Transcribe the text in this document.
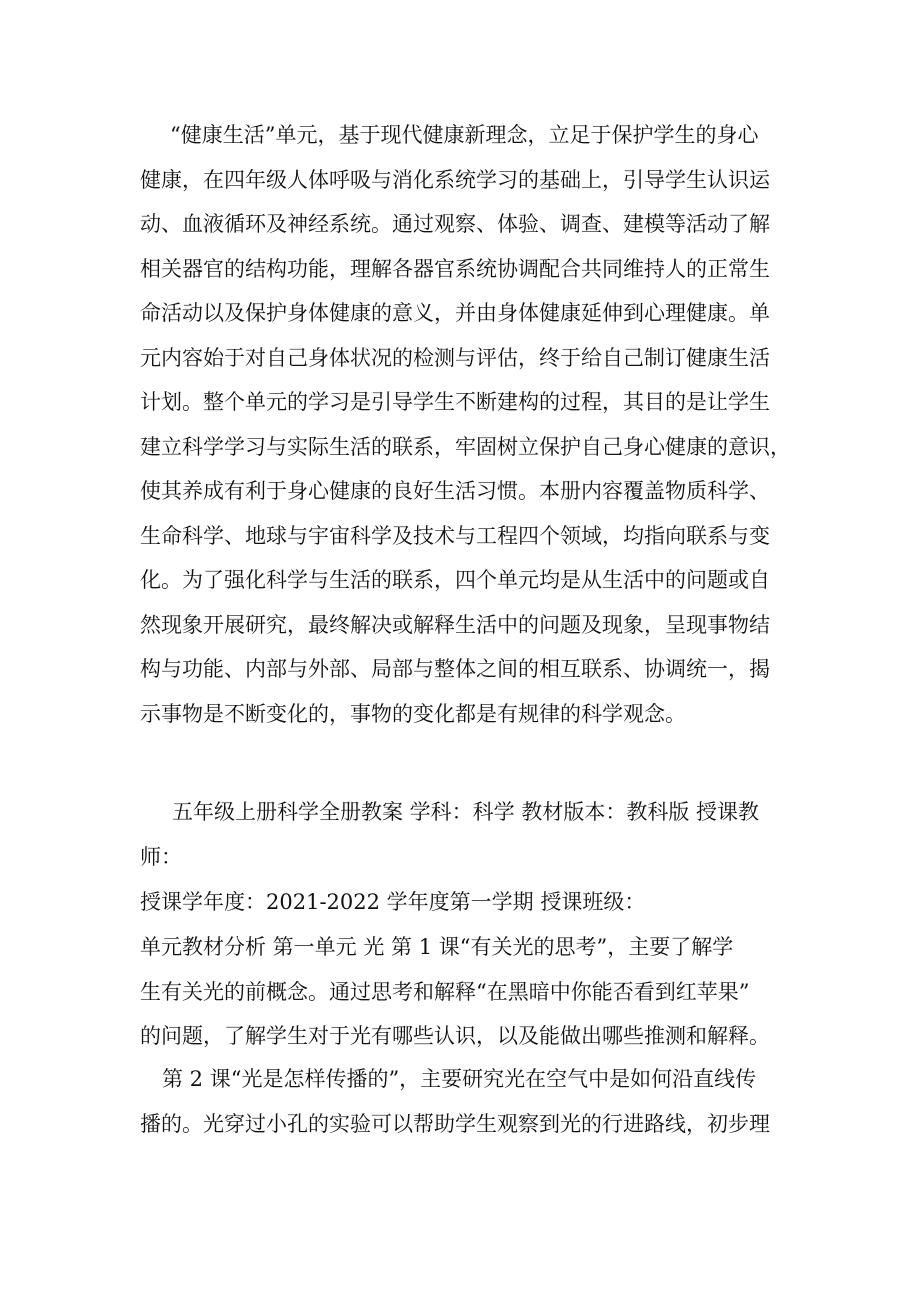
“健康生活”单元，基于现代健康新理念，立足于保护学生的身心
健康，在四年级人体呼吸与消化系统学习的基础上，引导学生认识运
动、血液循环及神经系统。通过观察、体验、调查、建模等活动了解
相关器官的结构功能，理解各器官系统协调配合共同维持人的正常生
命活动以及保护身体健康的意义，并由身体健康延伸到心理健康。单
元内容始于对自己身体状况的检测与评估，终于给自己制订健康生活
计划。整个单元的学习是引导学生不断建构的过程，其目的是让学生
建立科学学习与实际生活的联系，牢固树立保护自己身心健康的意识，
使其养成有利于身心健康的良好生活习惯。本册内容覆盖物质科学、
生命科学、地球与宇宙科学及技术与工程四个领域，均指向联系与变
化。为了强化科学与生活的联系，四个单元均是从生活中的问题或自
然现象开展研究，最终解决或解释生活中的问题及现象，呈现事物结
构与功能、内部与外部、局部与整体之间的相互联系、协调统一，揭
示事物是不断变化的，事物的变化都是有规律的科学观念。
五年级上册科学全册教案 学科：科学 教材版本：教科版 授课教
师：
授课学年度：2021-2022 学年度第一学期 授课班级：
单元教材分析 第一单元 光 第 1 课“有关光的思考”，主要了解学
生有关光的前概念。通过思考和解释“在黑暗中你能否看到红苹果”
的问题，了解学生对于光有哪些认识，以及能做出哪些推测和解释。
第 2 课“光是怎样传播的”，主要研究光在空气中是如何沿直线传
播的。光穿过小孔的实验可以帮助学生观察到光的行进路线，初步理
